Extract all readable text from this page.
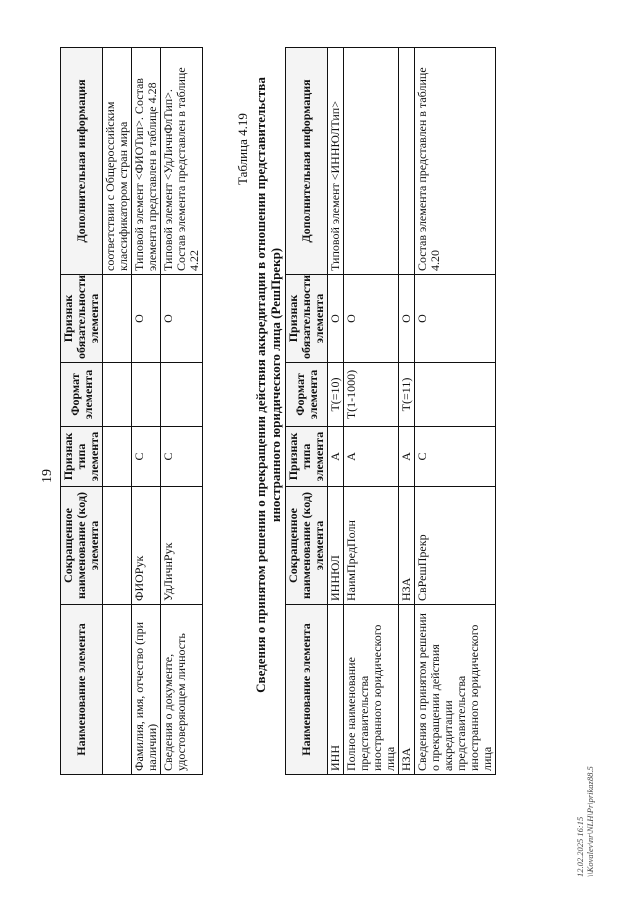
19
Наименование элемента	Сокращенное наименование (код) элемента	Признак типа элемента	Формат элемента	Признак обязательности элемента	Дополнительная информация
					соответствии с Общероссийским классификатором стран мира
Фамилия, имя, отчество (при наличии)	ФИОРук	С		О	Типовой элемент <ФИОТип>. Состав элемента представлен в таблице 4.28
Сведения о документе, удостоверяющем личность	УдЛичнРук	С		О	Типовой элемент <УдЛичнФлТип>. Состав элемента представлен в таблице 4.22
Таблица 4.19 Сведения о принятом решении о прекращении действия аккредитации в отношении представительства иностранного юридического лица (РешПрекр)
Наименование элемента	Сокращенное наименование (код) элемента	Признак типа элемента	Формат элемента	Признак обязательности элемента	Дополнительная информация
ИНН	ИННЮЛ	А	T(=10)	О	Типовой элемент <ИННЮЛТип>
Полное наименование представительства иностранного юридического лица	НаимПредПолн	А	T(1-1000)	О	
НЗА	НЗА	А	T(=11)	О	
Сведения о принятом решении о прекращении действия аккредитации представительства иностранного юридического лица	СвРешПрекр	С		О	Состав элемента представлен в таблице 4.20
12.02.2025 16:15 \\Kovalev\nr\NLH\Pr\prikaz88.5
